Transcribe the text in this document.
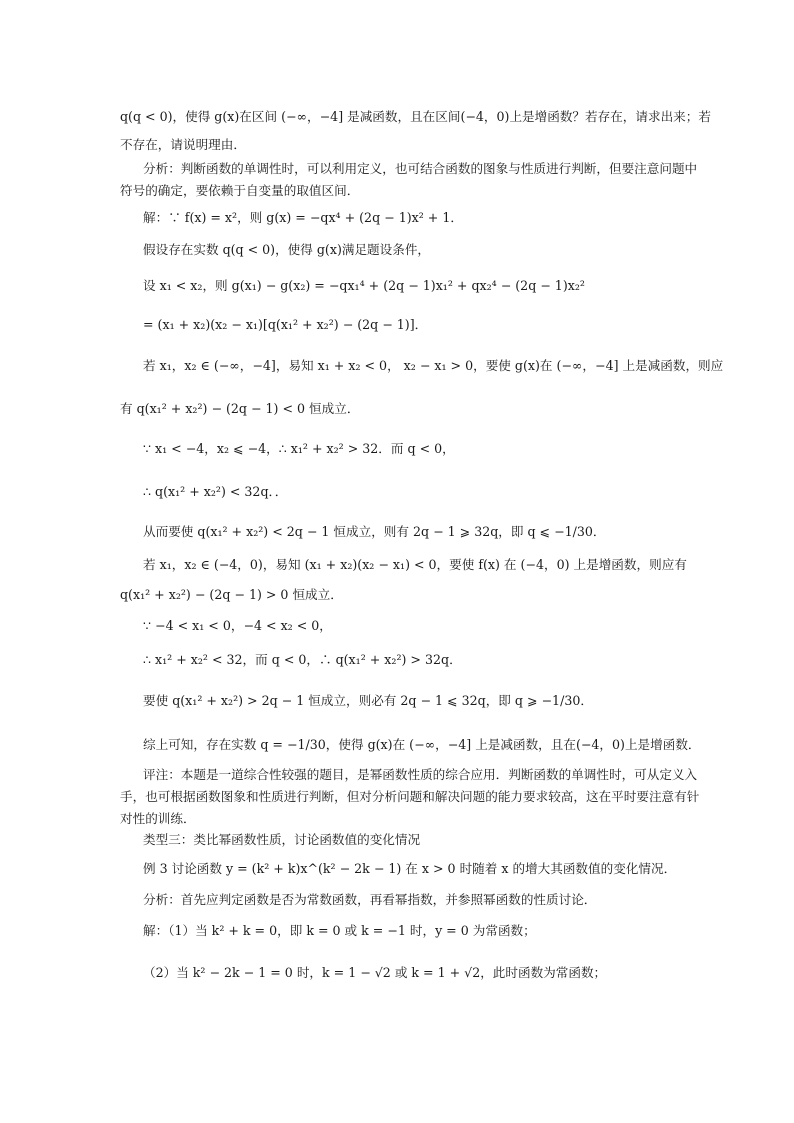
q(q < 0)，使得 g(x)在区间 (−∞，−4] 是减函数，且在区间(−4，0)上是增函数？若存在，请求出来；若
不存在，请说明理由．
分析：判断函数的单调性时，可以利用定义，也可结合函数的图象与性质进行判断，但要注意问题中
符号的确定，要依赖于自变量的取值区间．
解：∵ f(x) = x²，则 g(x) = −qx⁴ + (2q − 1)x² + 1．
假设存在实数 q(q < 0)，使得 g(x)满足题设条件，
设 x₁ < x₂，则 g(x₁) − g(x₂) = −qx₁⁴ + (2q − 1)x₁² + qx₂⁴ − (2q − 1)x₂²
= (x₁ + x₂)(x₂ − x₁)[q(x₁² + x₂²) − (2q − 1)]．
若 x₁，x₂ ∈ (−∞，−4]，易知 x₁ + x₂ < 0， x₂ − x₁ > 0，要使 g(x)在 (−∞，−4] 上是减函数，则应
有 q(x₁² + x₂²) − (2q − 1) < 0 恒成立．
∵ x₁ < −4，x₂ ⩽ −4，∴ x₁² + x₂² > 32．而 q < 0，
∴ q(x₁² + x₂²) < 32q．．
从而要使 q(x₁² + x₂²) < 2q − 1 恒成立，则有 2q − 1 ⩾ 32q，即 q ⩽ −1/30．
若 x₁，x₂ ∈ (−4，0)，易知 (x₁ + x₂)(x₂ − x₁) < 0，要使 f(x) 在 (−4，0) 上是增函数， 则应有
q(x₁² + x₂²) − (2q − 1) > 0 恒成立．
∵ −4 < x₁ < 0，−4 < x₂ < 0，
∴ x₁² + x₂² < 32，而 q < 0，∴ q(x₁² + x₂²) > 32q．
要使 q(x₁² + x₂²) > 2q − 1 恒成立，则必有 2q − 1 ⩽ 32q，即 q ⩾ −1/30．
综上可知，存在实数 q = −1/30，使得 g(x)在 (−∞，−4] 上是减函数，且在(−4，0)上是增函数．
评注：本题是一道综合性较强的题目，是幂函数性质的综合应用．判断函数的单调性时，可从定义入
手，也可根据函数图象和性质进行判断，但对分析问题和解决问题的能力要求较高，这在平时要注意有针
对性的训练．
类型三：类比幂函数性质，讨论函数值的变化情况
例 3 讨论函数 y = (k² + k)x^(k² − 2k − 1) 在 x > 0 时随着 x 的增大其函数值的变化情况．
分析：首先应判定函数是否为常数函数，再看幂指数，并参照幂函数的性质讨论．
解：（1）当 k² + k = 0，即 k = 0 或 k = −1 时，y = 0 为常函数；
（2）当 k² − 2k − 1 = 0 时，k = 1 − √2 或 k = 1 + √2，此时函数为常函数；
